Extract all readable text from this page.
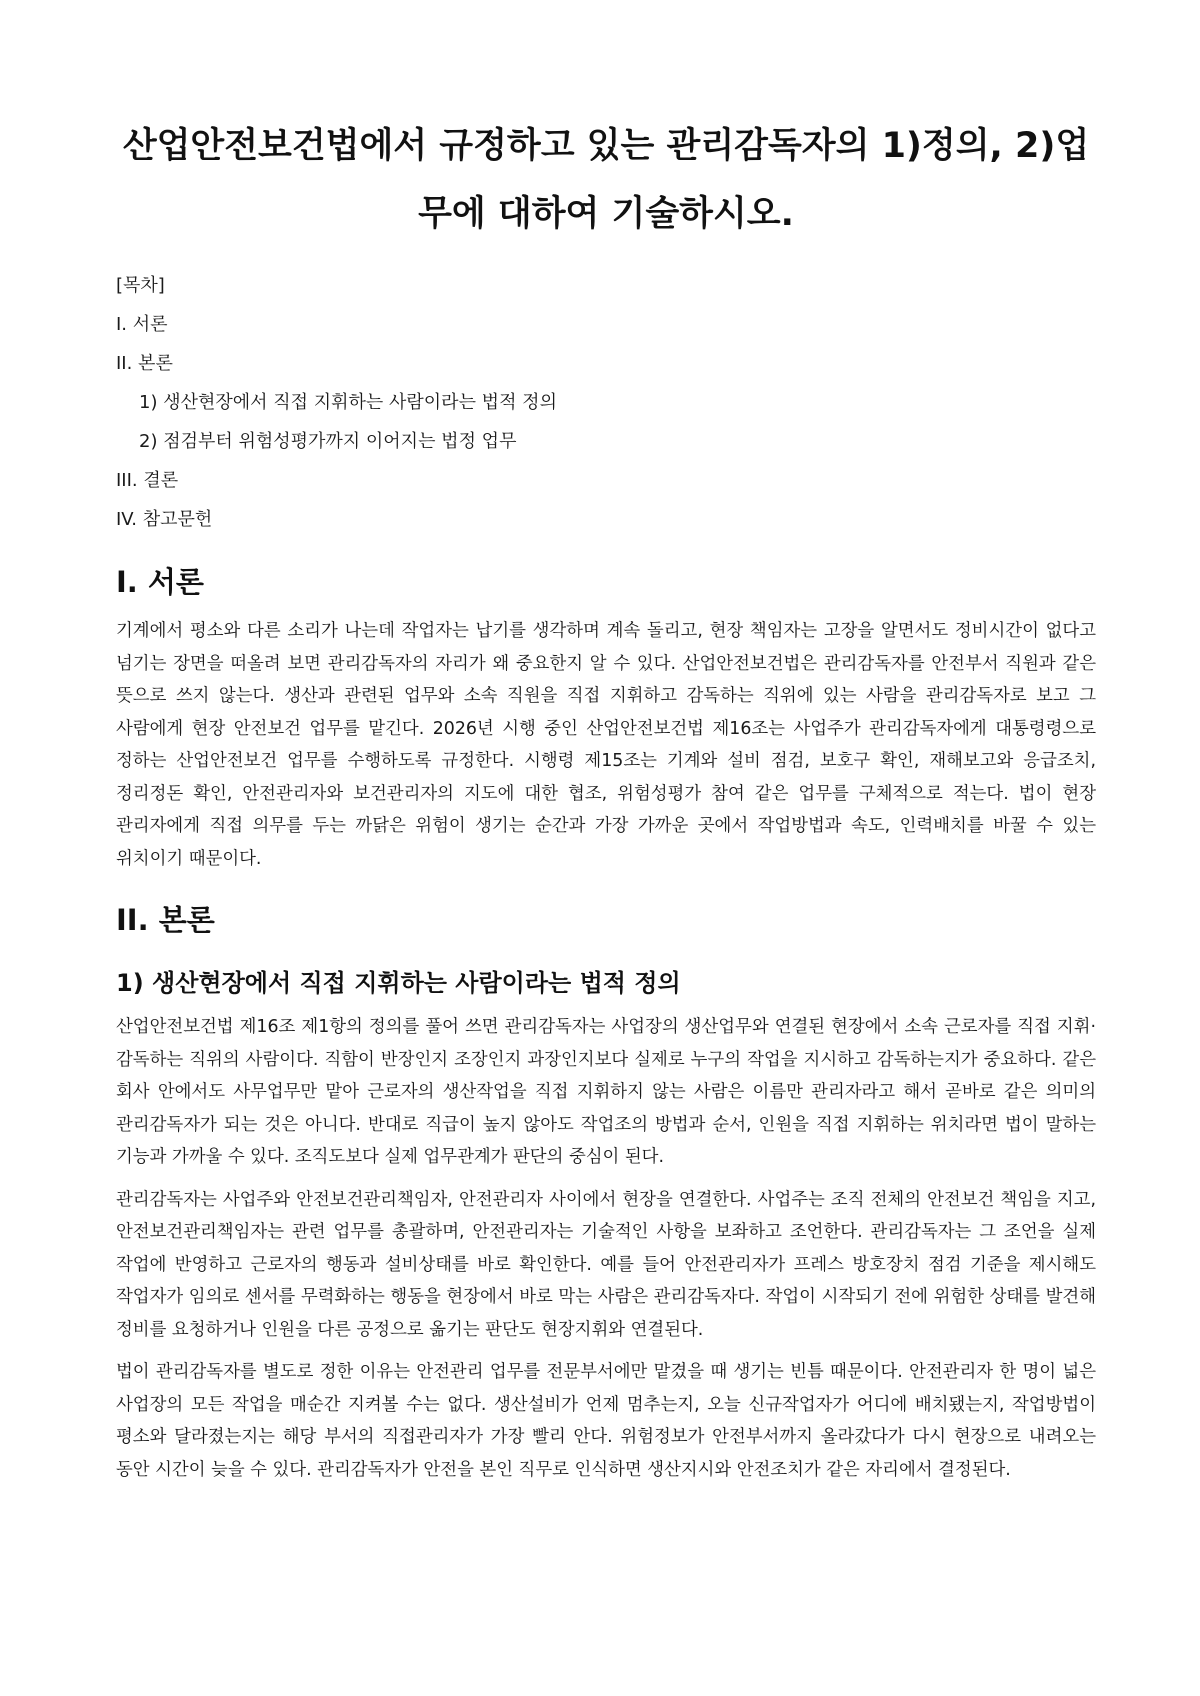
산업안전보건법에서 규정하고 있는 관리감독자의 1)정의, 2)업무에 대하여 기술하시오.

[목차]

I. 서론

II. 본론

1) 생산현장에서 직접 지휘하는 사람이라는 법적 정의

2) 점검부터 위험성평가까지 이어지는 법정 업무

III. 결론

IV. 참고문헌

I. 서론

기계에서 평소와 다른 소리가 나는데 작업자는 납기를 생각하며 계속 돌리고, 현장 책임자는 고장을 알면서도 정비시간이 없다고 넘기는 장면을 떠올려 보면 관리감독자의 자리가 왜 중요한지 알 수 있다. 산업안전보건법은 관리감독자를 안전부서 직원과 같은 뜻으로 쓰지 않는다. 생산과 관련된 업무와 소속 직원을 직접 지휘하고 감독하는 직위에 있는 사람을 관리감독자로 보고 그 사람에게 현장 안전보건 업무를 맡긴다. 2026년 시행 중인 산업안전보건법 제16조는 사업주가 관리감독자에게 대통령령으로 정하는 산업안전보건 업무를 수행하도록 규정한다. 시행령 제15조는 기계와 설비 점검, 보호구 확인, 재해보고와 응급조치, 정리정돈 확인, 안전관리자와 보건관리자의 지도에 대한 협조, 위험성평가 참여 같은 업무를 구체적으로 적는다. 법이 현장 관리자에게 직접 의무를 두는 까닭은 위험이 생기는 순간과 가장 가까운 곳에서 작업방법과 속도, 인력배치를 바꿀 수 있는 위치이기 때문이다.

II. 본론
1) 생산현장에서 직접 지휘하는 사람이라는 법적 정의

산업안전보건법 제16조 제1항의 정의를 풀어 쓰면 관리감독자는 사업장의 생산업무와 연결된 현장에서 소속 근로자를 직접 지휘·감독하는 직위의 사람이다. 직함이 반장인지 조장인지 과장인지보다 실제로 누구의 작업을 지시하고 감독하는지가 중요하다. 같은 회사 안에서도 사무업무만 맡아 근로자의 생산작업을 직접 지휘하지 않는 사람은 이름만 관리자라고 해서 곧바로 같은 의미의 관리감독자가 되는 것은 아니다. 반대로 직급이 높지 않아도 작업조의 방법과 순서, 인원을 직접 지휘하는 위치라면 법이 말하는 기능과 가까울 수 있다. 조직도보다 실제 업무관계가 판단의 중심이 된다.

관리감독자는 사업주와 안전보건관리책임자, 안전관리자 사이에서 현장을 연결한다. 사업주는 조직 전체의 안전보건 책임을 지고, 안전보건관리책임자는 관련 업무를 총괄하며, 안전관리자는 기술적인 사항을 보좌하고 조언한다. 관리감독자는 그 조언을 실제 작업에 반영하고 근로자의 행동과 설비상태를 바로 확인한다. 예를 들어 안전관리자가 프레스 방호장치 점검 기준을 제시해도 작업자가 임의로 센서를 무력화하는 행동을 현장에서 바로 막는 사람은 관리감독자다. 작업이 시작되기 전에 위험한 상태를 발견해 정비를 요청하거나 인원을 다른 공정으로 옮기는 판단도 현장지휘와 연결된다.

법이 관리감독자를 별도로 정한 이유는 안전관리 업무를 전문부서에만 맡겼을 때 생기는 빈틈 때문이다. 안전관리자 한 명이 넓은 사업장의 모든 작업을 매순간 지켜볼 수는 없다. 생산설비가 언제 멈추는지, 오늘 신규작업자가 어디에 배치됐는지, 작업방법이 평소와 달라졌는지는 해당 부서의 직접관리자가 가장 빨리 안다. 위험정보가 안전부서까지 올라갔다가 다시 현장으로 내려오는 동안 시간이 늦을 수 있다. 관리감독자가 안전을 본인 직무로 인식하면 생산지시와 안전조치가 같은 자리에서 결정된다.
